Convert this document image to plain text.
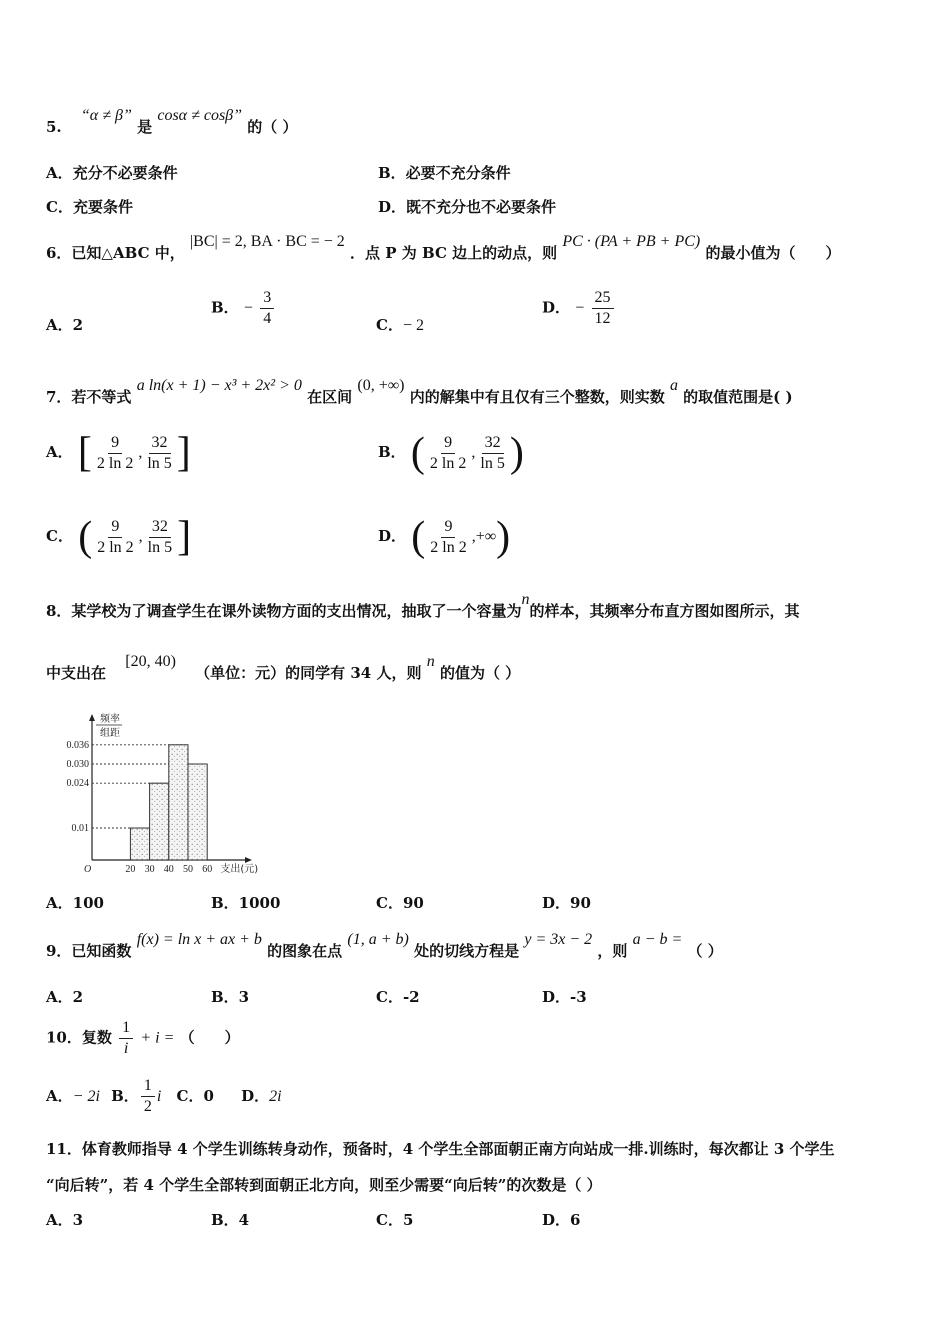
5. “α ≠ β” 是 cosα ≠ cosβ” 的（ ）
A．充分不必要条件	B．必要不充分条件
C．充要条件	D．既不充分也不必要条件
6．已知△ABC 中， |BC| = 2, BA · BC = − 2 ．点 P 为 BC 边上的动点，则 PC · (PA + PB + PC) 的最小值为（　　）
A．2
B． − $\frac{3}{4}$	C．− 2
D． − $\frac{25}{12}$
7．若不等式 a ln(x + 1) − x³ + 2x² > 0 在区间 (0, +∞) 内的解集中有且仅有三个整数，则实数 a 的取值范围是( )
A． [ $\frac{9}{2 \ln 2}$ , $\frac{32}{\ln 5}$ ]	B． ( $\frac{9}{2 \ln 2}$ , $\frac{32}{\ln 5}$ )
C． ( $\frac{9}{2 \ln 2}$ , $\frac{32}{\ln 5}$ ]	D． ( $\frac{9}{2 \ln 2}$ , +∞ )
8．某学校为了调查学生在课外读物方面的支出情况，抽取了一个容量为n的样本，其频率分布直方图如图所示，其
中支出在 [20, 40) （单位：元）的同学有 34 人，则 n 的值为（ ）
0.036
0.030
0.024
0.01
20 30 40 50 60
O	支出(元)
频率
组距
A．100	B．1000	C．90	D．90
9．已知函数 f(x) = ln x + ax + b 的图象在点 (1, a + b) 处的切线方程是 y = 3x − 2 ，则 a − b = （ ）
A．2	B．3	C．-2	D．-3
10．复数 $\frac{1}{i} + i$ = （　　）
A．− 2i B． $\frac{1}{2}$ i C．0 D．2i
11．体育教师指导 4 个学生训练转身动作，预备时，4 个学生全部面朝正南方向站成一排.训练时，每次都让 3 个学生
“向后转”，若 4 个学生全部转到面朝正北方向，则至少需要“向后转”的次数是（ ）
A．3	B．4	C．5	D．6
